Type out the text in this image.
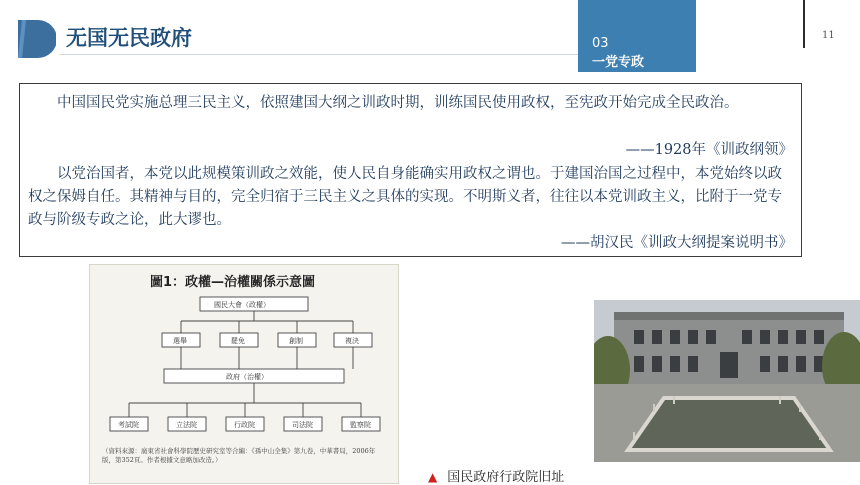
无国无民政府	03
一党专政
11

中国国民党实施总理三民主义，依照建国大纲之训政时期，训练国民使用政权，至宪政开始完成全民政治。

——1928年《训政纲领》

以党治国者，本党以此规模策训政之效能，使人民自身能确实用政权之谓也。于建国治国之过程中，本党始终以政权之保姆自任。其精神与目的，完全归宿于三民主义之具体的实现。不明斯义者，往往以本党训政主义，比附于一党专政与阶级专政之论，此大谬也。

——胡汉民《训政大纲提案说明书》

圖1：政權—治權關係示意圖
國民大會（政權）
選舉	罷免	創制	複決
政府（治權）
考試院	立法院	行政院	司法院	監察院
（資料來源：廣東省社會科學院歷史研究室等合編：《孫中山全集》第九卷，中華書局，2006年版，第352頁。作者根據文意略加改造。）
▲ 国民政府行政院旧址
